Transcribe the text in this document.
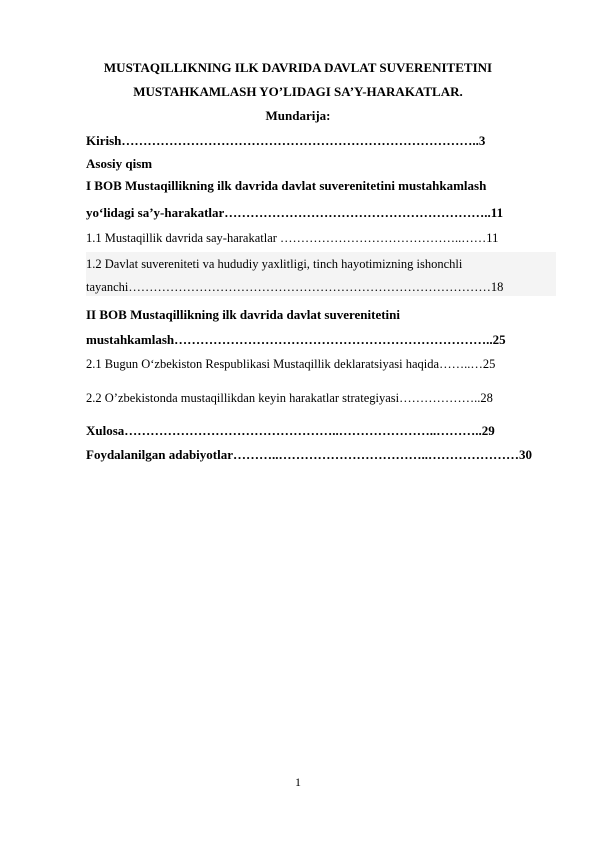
MUSTAQILLIKNING ILK DAVRIDA DAVLAT SUVERENITETINI
MUSTAHKAMLASH YO’LIDAGI SA’Y-HARAKATLAR.
Mundarija:
Kirish………………………………………………………………………..3
Asosiy qism
I BOB Mustaqillikning ilk davrida davlat suverenitetini mustahkamlash
yo‘lidagi sa’y-harakatlar……………………………………………………..11
1.1 Mustaqillik davrida say-harakatlar ……………………………………..……11
1.2 Davlat suvereniteti va hududiy yaxlitligi, tinch hayotimizning ishonchli
tayanchi……………………………………………………………………………18
II BOB Mustaqillikning ilk davrida davlat suverenitetini
mustahkamlash………………………………………………………………..25
2.1 Bugun O‘zbekiston Respublikasi Mustaqillik deklaratsiyasi haqida……..…25
2.2 O’zbekistonda mustaqillikdan keyin harakatlar strategiyasi………………..28
Xulosa…………………………………………..…………………..………..29
Foydalanilgan adabiyotlar………..……………………………..…………………30
1
